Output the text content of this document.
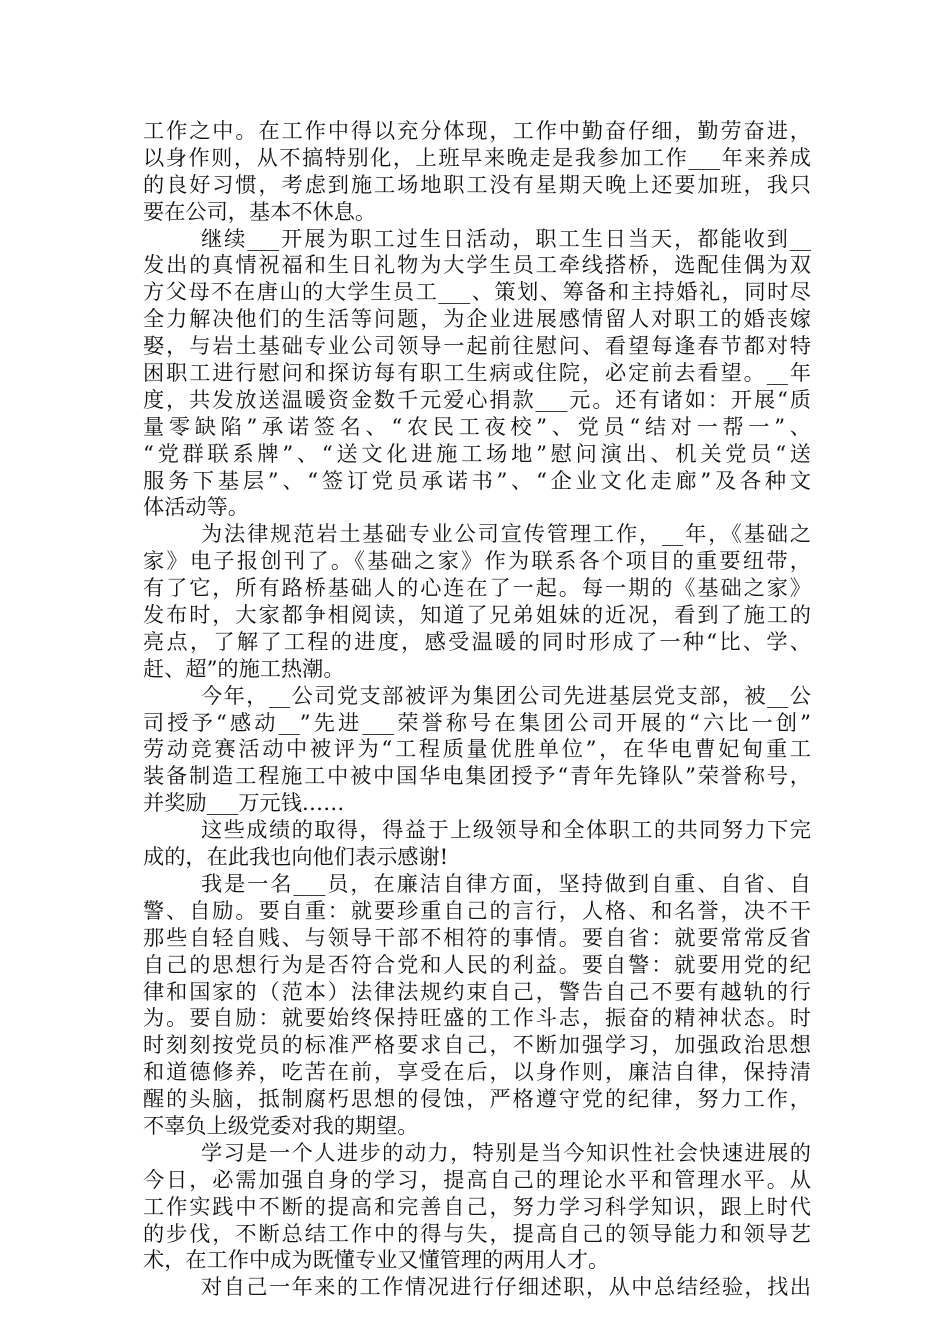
工作之中。在工作中得以充分体现，工作中勤奋仔细，勤劳奋进，
以身作则，从不搞特别化，上班早来晚走是我参加工作___年来养成
的良好习惯，考虑到施工场地职工没有星期天晚上还要加班，我只
要在公司，基本不休息。
继续___开展为职工过生日活动，职工生日当天，都能收到__
发出的真情祝福和生日礼物为大学生员工牵线搭桥，选配佳偶为双
方父母不在唐山的大学生员工___、策划、筹备和主持婚礼，同时尽
全力解决他们的生活等问题，为企业进展感情留人对职工的婚丧嫁
娶，与岩土基础专业公司领导一起前往慰问、看望每逢春节都对特
困职工进行慰问和探访每有职工生病或住院，必定前去看望。__年
度，共发放送温暖资金数千元爱心捐款___元。还有诸如：开展“质
量零缺陷”承诺签名、“农民工夜校”、党员“结对一帮一”、
“党群联系牌”、“送文化进施工场地”慰问演出、机关党员“送
服务下基层”、“签订党员承诺书”、“企业文化走廊”及各种文
体活动等。
为法律规范岩土基础专业公司宣传管理工作，__年，《基础之
家》电子报创刊了。《基础之家》作为联系各个项目的重要纽带，
有了它，所有路桥基础人的心连在了一起。每一期的《基础之家》
发布时，大家都争相阅读，知道了兄弟姐妹的近况，看到了施工的
亮点，了解了工程的进度，感受温暖的同时形成了一种“比、学、
赶、超”的施工热潮。
今年，__公司党支部被评为集团公司先进基层党支部，被__公
司授予“感动__”先进___荣誉称号在集团公司开展的“六比一创”
劳动竞赛活动中被评为“工程质量优胜单位”，在华电曹妃甸重工
装备制造工程施工中被中国华电集团授予“青年先锋队”荣誉称号，
并奖励___万元钱……
这些成绩的取得，得益于上级领导和全体职工的共同努力下完
成的，在此我也向他们表示感谢!
我是一名___员，在廉洁自律方面，坚持做到自重、自省、自
警、自励。要自重：就要珍重自己的言行，人格、和名誉，决不干
那些自轻自贱、与领导干部不相符的事情。要自省：就要常常反省
自己的思想行为是否符合党和人民的利益。要自警：就要用党的纪
律和国家的（范本）法律法规约束自己，警告自己不要有越轨的行
为。要自励：就要始终保持旺盛的工作斗志，振奋的精神状态。时
时刻刻按党员的标准严格要求自己，不断加强学习，加强政治思想
和道德修养，吃苦在前，享受在后，以身作则，廉洁自律，保持清
醒的头脑，抵制腐朽思想的侵蚀，严格遵守党的纪律，努力工作，
不辜负上级党委对我的期望。
学习是一个人进步的动力，特别是当今知识性社会快速进展的
今日，必需加强自身的学习，提高自己的理论水平和管理水平。从
工作实践中不断的提高和完善自己，努力学习科学知识，跟上时代
的步伐，不断总结工作中的得与失，提高自己的领导能力和领导艺
术，在工作中成为既懂专业又懂管理的两用人才。
对自己一年来的工作情况进行仔细述职，从中总结经验，找出
